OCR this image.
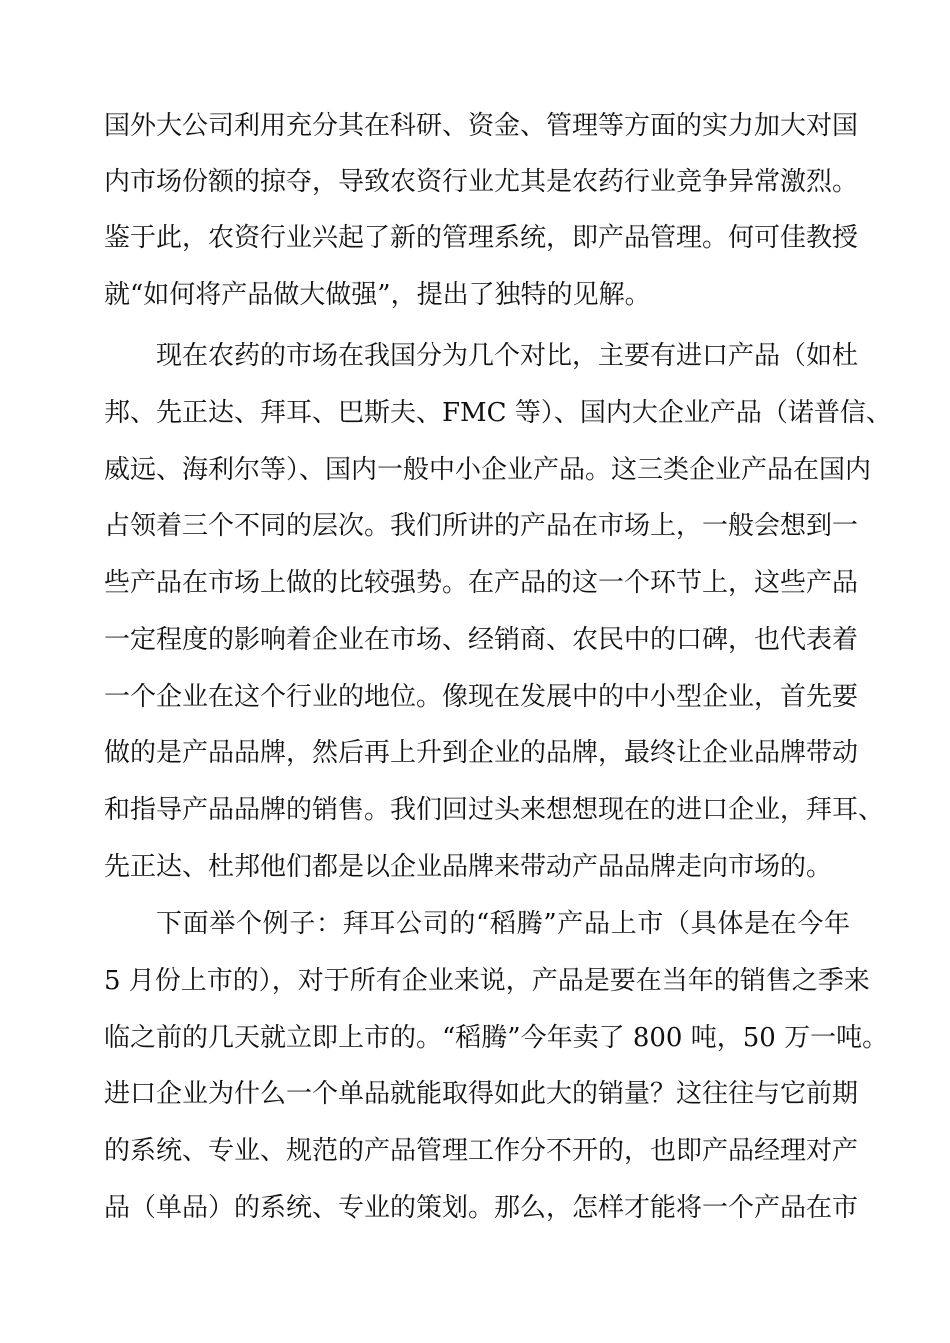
国外大公司利用充分其在科研、资金、管理等方面的实力加大对国
内市场份额的掠夺，导致农资行业尤其是农药行业竞争异常激烈。
鉴于此，农资行业兴起了新的管理系统，即产品管理。何可佳教授
就“如何将产品做大做强”，提出了独特的见解。
现在农药的市场在我国分为几个对比，主要有进口产品（如杜
邦、先正达、拜耳、巴斯夫、FMC 等）、国内大企业产品（诺普信、
威远、海利尔等）、国内一般中小企业产品。这三类企业产品在国内
占领着三个不同的层次。我们所讲的产品在市场上，一般会想到一
些产品在市场上做的比较强势。在产品的这一个环节上，这些产品
一定程度的影响着企业在市场、经销商、农民中的口碑，也代表着
一个企业在这个行业的地位。像现在发展中的中小型企业，首先要
做的是产品品牌，然后再上升到企业的品牌，最终让企业品牌带动
和指导产品品牌的销售。我们回过头来想想现在的进口企业，拜耳、
先正达、杜邦他们都是以企业品牌来带动产品品牌走向市场的。
下面举个例子：拜耳公司的“稻腾”产品上市（具体是在今年
5 月份上市的），对于所有企业来说，产品是要在当年的销售之季来
临之前的几天就立即上市的。“稻腾”今年卖了 800 吨，50 万一吨。
进口企业为什么一个单品就能取得如此大的销量？这往往与它前期
的系统、专业、规范的产品管理工作分不开的，也即产品经理对产
品（单品）的系统、专业的策划。那么，怎样才能将一个产品在市
